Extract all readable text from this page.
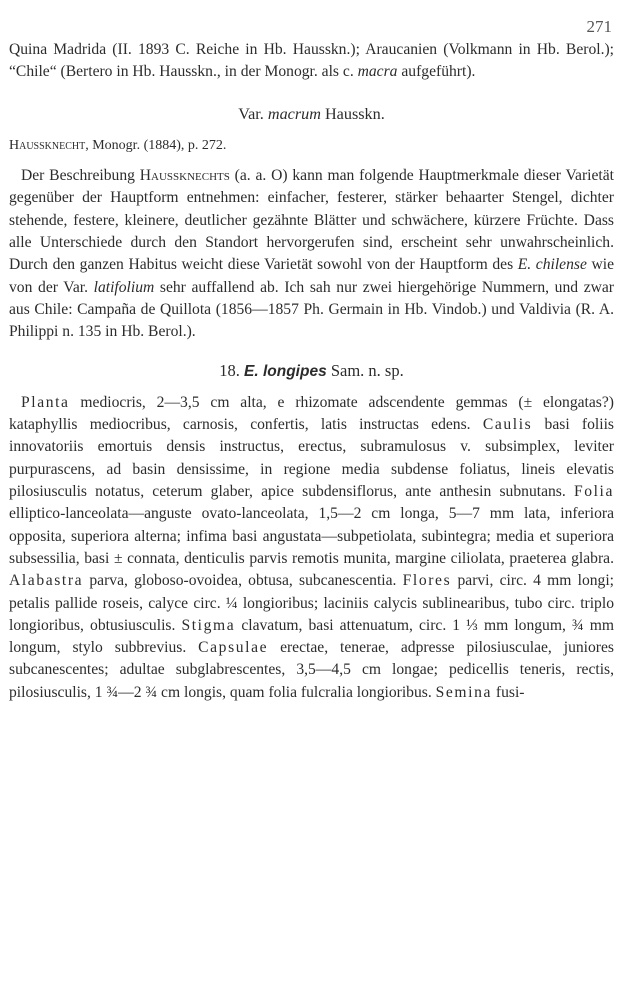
271

Quina Madrida (II. 1893 C. Reiche in Hb. Hausskn.); Araucanien (Volkmann in Hb. Berol.); “Chile“ (Bertero in Hb. Hausskn., in der Monogr. als c. macra aufgeführt).

Var. macrum Hausskn.

Haussknecht, Monogr. (1884), p. 272.

Der Beschreibung Haussknechts (a. a. O) kann man folgende Hauptmerkmale dieser Varietät gegenüber der Hauptform entnehmen: einfacher, festerer, stärker behaarter Stengel, dichter stehende, festere, kleinere, deutlicher gezähnte Blätter und schwächere, kürzere Früchte. Dass alle Unterschiede durch den Standort hervorgerufen sind, erscheint sehr unwahrscheinlich. Durch den ganzen Habitus weicht diese Varietät sowohl von der Hauptform des E. chilense wie von der Var. latifolium sehr auffallend ab. Ich sah nur zwei hiergehörige Nummern, und zwar aus Chile: Campaña de Quillota (1856—1857 Ph. Germain in Hb. Vindob.) und Valdivia (R. A. Philippi n. 135 in Hb. Berol.).

18. E. longipes Sam. n. sp.

Planta mediocris, 2—3,5 cm alta, e rhizomate adscendente gemmas (± elongatas?) kataphyllis mediocribus, carnosis, confertis, latis instructas edens. Caulis basi foliis innovatoriis emortuis densis instructus, erectus, subramulosus v. subsimplex, leviter purpurascens, ad basin densissime, in regione media subdense foliatus, lineis elevatis pilosiusculis notatus, ceterum glaber, apice subdensiflorus, ante anthesin subnutans. Folia elliptico-lanceolata—anguste ovato-lanceolata, 1,5—2 cm longa, 5—7 mm lata, inferiora opposita, superiora alterna; infima basi angustata—subpetiolata, subintegra; media et superiora subsessilia, basi ± connata, denticulis parvis remotis munita, margine ciliolata, praeterea glabra. Alabastra parva, globoso-ovoidea, obtusa, subcanescentia. Flores parvi, circ. 4 mm longi; petalis pallide roseis, calyce circ. ¼ longioribus; laciniis calycis sublinearibus, tubo circ. triplo longioribus, obtusiusculis. Stigma clavatum, basi attenuatum, circ. 1 ⅓ mm longum, ¾ mm longum, stylo subbrevius. Capsulae erectae, tenerae, adpresse pilosiusculae, juniores subcanescentes; adultae subglabrescentes, 3,5—4,5 cm longae; pedicellis teneris, rectis, pilosiusculis, 1 ¾—2 ¾ cm longis, quam folia fulcralia longioribus. Semina fusi-
